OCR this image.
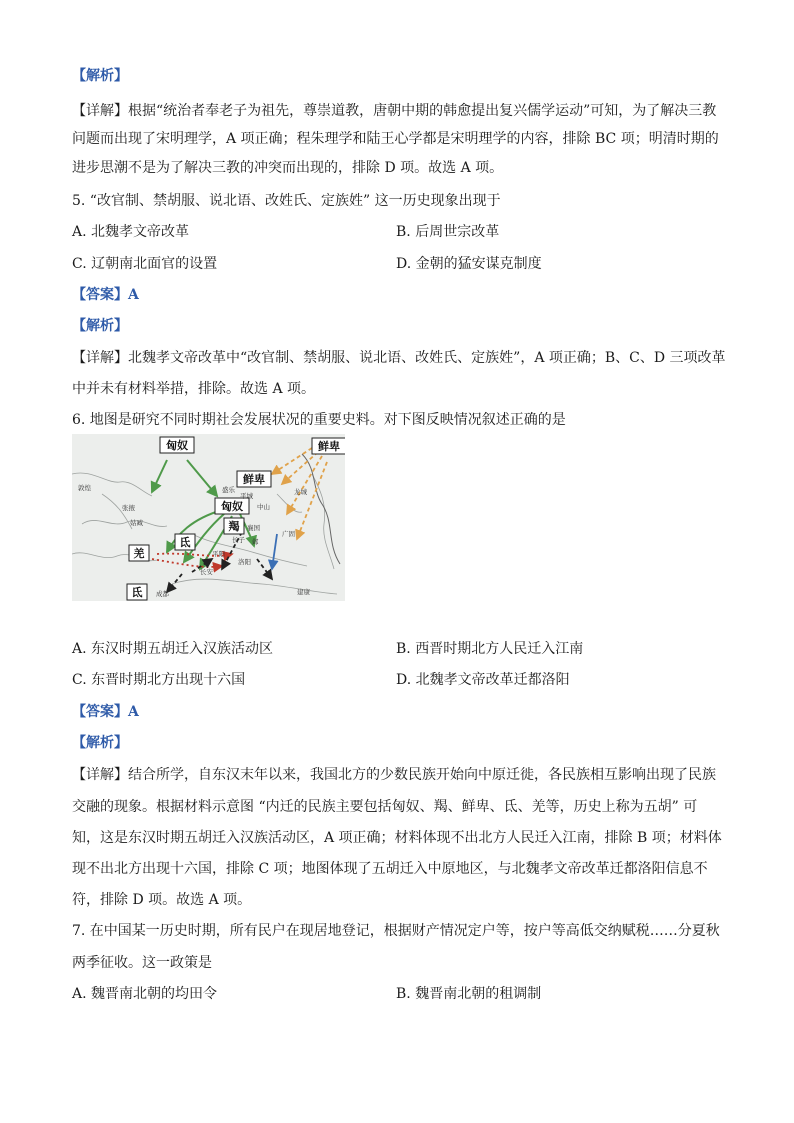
【解析】
【详解】根据“统治者奉老子为祖先，尊崇道教，唐朝中期的韩愈提出复兴儒学运动”可知，为了解决三教
问题而出现了宋明理学，A 项正确；程朱理学和陆王心学都是宋明理学的内容，排除 BC 项；明清时期的
进步思潮不是为了解决三教的冲突而出现的，排除 D 项。故选 A 项。
5. “改官制、禁胡服、说北语、改姓氏、定族姓” 这一历史现象出现于
A. 北魏孝文帝改革	B. 后周世宗改革
C. 辽朝南北面官的设置	D. 金朝的猛安谋克制度
【答案】A
【解析】
【详解】北魏孝文帝改革中“改官制、禁胡服、说北语、改姓氏、定族姓”，A 项正确；B、C、D 三项改革
中并未有材料举措，排除。故选 A 项。
6. 地图是研究不同时期社会发展状况的重要史料。对下图反映情况叙述正确的是
匈奴	鲜卑
鲜卑
匈奴
羯
氐
羌
氐
敦煌
张掖
姑臧
盛乐
平城	龙城
中山
襄国
长子 邺
广固
平阳
洛阳
长安
成都	建康
A. 东汉时期五胡迁入汉族活动区	B. 西晋时期北方人民迁入江南
C. 东晋时期北方出现十六国	D. 北魏孝文帝改革迁都洛阳
【答案】A
【解析】
【详解】结合所学，自东汉末年以来，我国北方的少数民族开始向中原迁徙，各民族相互影响出现了民族
交融的现象。根据材料示意图 “内迁的民族主要包括匈奴、羯、鲜卑、氐、羌等，历史上称为五胡” 可
知，这是东汉时期五胡迁入汉族活动区，A 项正确；材料体现不出北方人民迁入江南，排除 B 项；材料体
现不出北方出现十六国，排除 C 项；地图体现了五胡迁入中原地区，与北魏孝文帝改革迁都洛阳信息不
符，排除 D 项。故选 A 项。
7. 在中国某一历史时期，所有民户在现居地登记，根据财产情况定户等，按户等高低交纳赋税……分夏秋
两季征收。这一政策是
A. 魏晋南北朝的均田令	B. 魏晋南北朝的租调制
